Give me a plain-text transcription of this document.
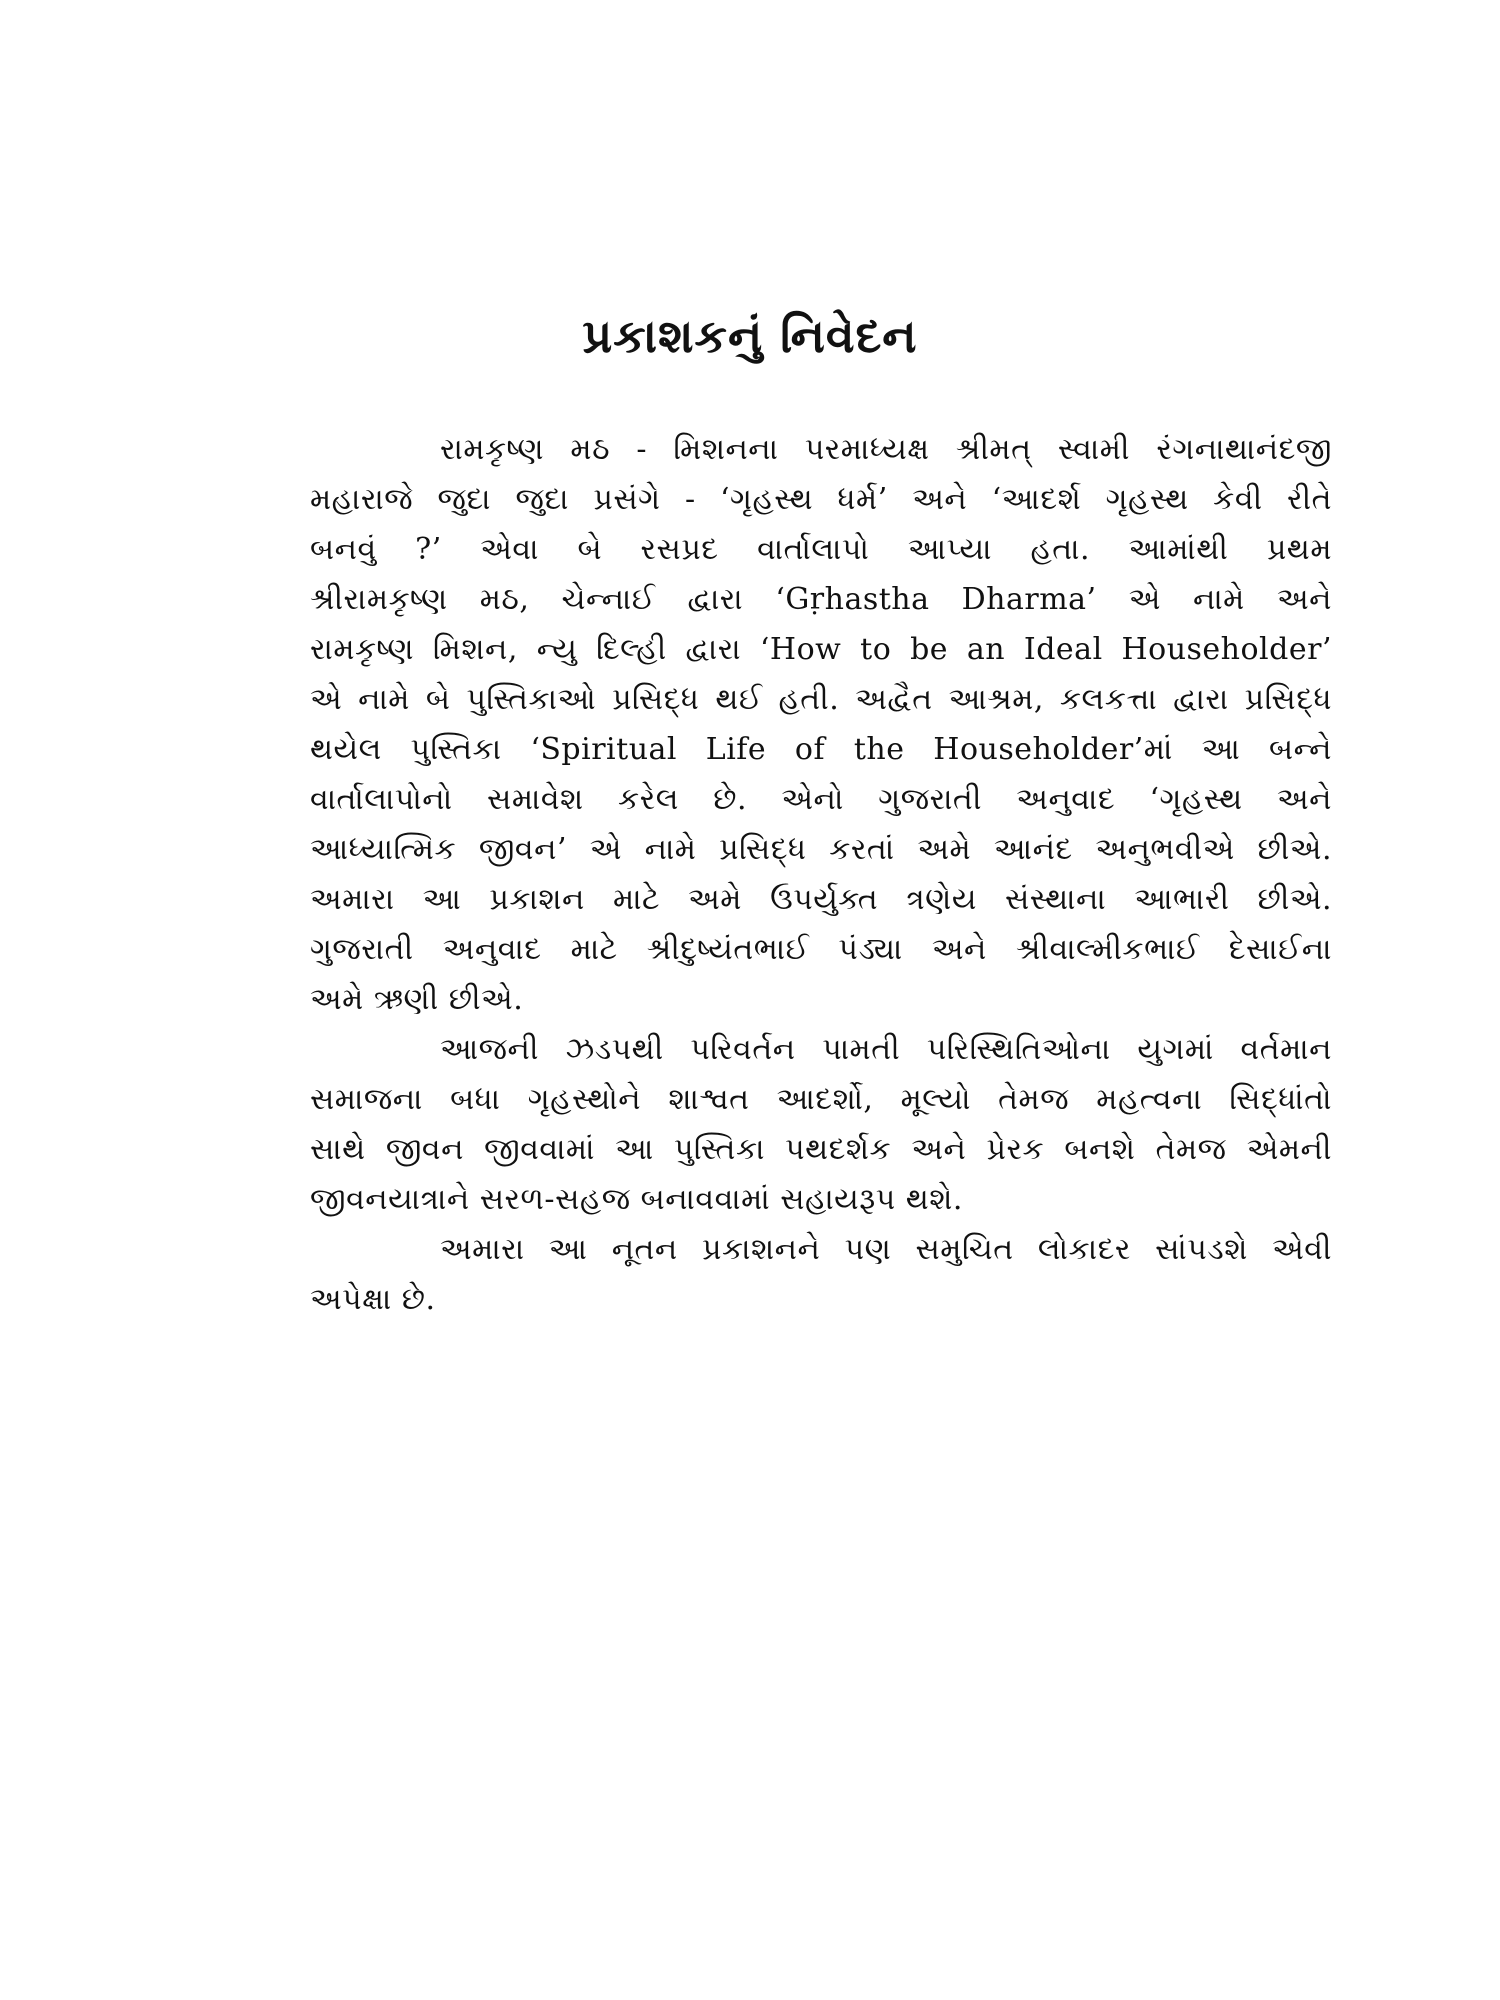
પ્રકાશકનું નિવેદન
રામકૃષ્ણ મઠ - મિશનના પરમાધ્યક્ષ શ્રીમત્ સ્વામી રંગનાથાનંદજી
મહારાજે જુદા જુદા પ્રસંગે - ‘ગૃહસ્થ ધર્મ’ અને ‘આદર્શ ગૃહસ્થ કેવી રીતે
બનવું ?’ એવા બે રસપ્રદ વાર્તાલાપો આપ્યા હતા. આમાંથી પ્રથમ
શ્રીરામકૃષ્ણ મઠ, ચેન્નાઈ દ્વારા ‘Gṛhastha Dharma’ એ નામે અને
રામકૃષ્ણ મિશન, ન્યુ દિલ્હી દ્વારા ‘How to be an Ideal Householder’
એ નામે બે પુસ્તિકાઓ પ્રસિદ્ધ થઈ હતી. અદ્વૈત આશ્રમ, કલકત્તા દ્વારા પ્રસિદ્ધ
થયેલ પુસ્તિકા ‘Spiritual Life of the Householder’માં આ બન્ને
વાર્તાલાપોનો સમાવેશ કરેલ છે. એનો ગુજરાતી અનુવાદ ‘ગૃહસ્થ અને
આધ્યાત્મિક જીવન’ એ નામે પ્રસિદ્ધ કરતાં અમે આનંદ અનુભવીએ છીએ.
અમારા આ પ્રકાશન માટે અમે ઉપર્યુક્ત ત્રણેય સંસ્થાના આભારી છીએ.
ગુજરાતી અનુવાદ માટે શ્રીદુષ્યંતભાઈ પંડ્યા અને શ્રીવાલ્મીકભાઈ દેસાઈના
અમે ઋણી છીએ.
આજની ઝડપથી પરિવર્તન પામતી પરિસ્થિતિઓના યુગમાં વર્તમાન
સમાજના બધા ગૃહસ્થોને શાશ્વત આદર્શો, મૂલ્યો તેમજ મહત્વના સિદ્ધાંતો
સાથે જીવન જીવવામાં આ પુસ્તિકા પથદર્શક અને પ્રેરક બનશે તેમજ એમની
જીવનયાત્રાને સરળ-સહજ બનાવવામાં સહાયરૂપ થશે.
અમારા આ નૂતન પ્રકાશનને પણ સમુચિત લોકાદર સાંપડશે એવી
અપેક્ષા છે.
